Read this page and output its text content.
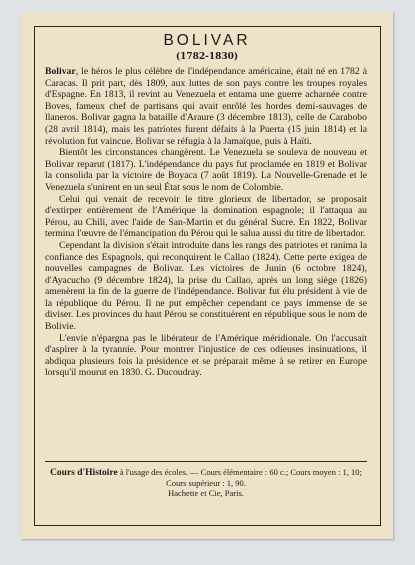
BOLIVAR
(1782-1830)

Bolivar, le héros le plus célèbre de l'indépendance américaine, était né en 1782 à Caracas. Il prit part, dès 1809, aux luttes de son pays contre les troupes royales d'Espagne. En 1813, il revint au Venezuela et entama une guerre acharnée contre Boves, fameux chef de partisans qui avait enrôlé les hordes demi-sauvages de llaneros. Bolivar gagna la bataille d'Araure (3 décembre 1813), celle de Carabobo (28 avril 1814), mais les patriotes furent défaits à la Puerta (15 juin 1814) et la révolution fut vaincue. Bolivar se réfugia à la Jamaïque, puis à Haïti.

Bientôt les circonstances changèrent. Le Venezuela se souleva de nouveau et Bolivar reparut (1817). L'indépendance du pays fut proclamée en 1819 et Bolivar la consolida par la victoire de Boyaca (7 août 1819). La Nouvelle-Grenade et le Venezuela s'unirent en un seul État sous le nom de Colombie.

Celui qui venait de recevoir le titre glorieux de libertador, se proposait d'extirper entièrement de l'Amérique la domination espagnole; il l'attaqua au Pérou, au Chili, avec l'aide de San-Martin et du général Sucre. En 1822, Bolivar termina l'œuvre de l'émancipation du Pérou qui le salua aussi du titre de libertador.

Cependant la division s'était introduite dans les rangs des patriotes et ranima la confiance des Espagnols, qui reconquirent le Callao (1824). Cette perte exigea de nouvelles campagnes de Bolivar. Les victoires de Junin (6 octobre 1824), d'Ayacucho (9 décembre 1824), la prise du Callao, après un long siège (1826) amenèrent la fin de la guerre de l'indépendance. Bolivar fut élu président à vie de la république du Pérou. Il ne put empêcher cependant ce pays immense de se diviser. Les provinces du haut Pérou se constituèrent en république sous le nom de Bolivie.

L'envie n'épargna pas le libérateur de l'Amérique méridionale. On l'accusait d'aspirer à la tyrannie. Pour montrer l'injustice de ces odieuses insinuations, il abdiqua plusieurs fois la présidence et se préparait même à se retirer en Europe lorsqu'il mourut en 1830. G. Ducoudray.

Cours d'Histoire à l'usage des écoles. — Cours élémentaire : 60 c.; Cours moyen : 1, 10; Cours supérieur : 1, 90.
Hachette et Cie, Paris.
